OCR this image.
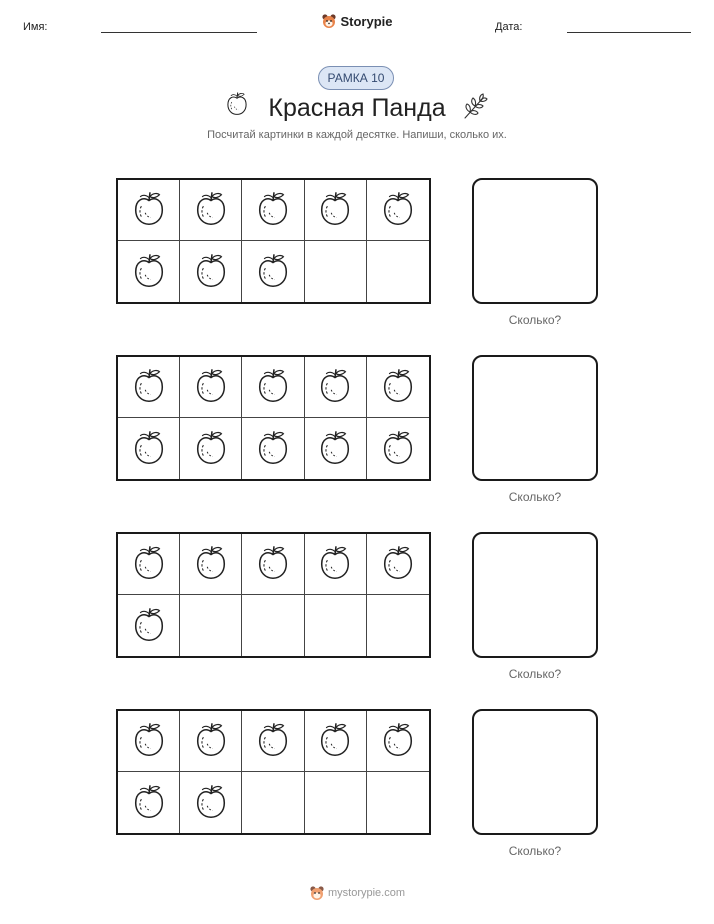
Имя:	Storypie	Дата:
РАМКА 10
Красная Панда
Посчитай картинки в каждой десятке. Напиши, сколько их.
Сколько?
Сколько?
Сколько?
Сколько?
mystorypie.com
